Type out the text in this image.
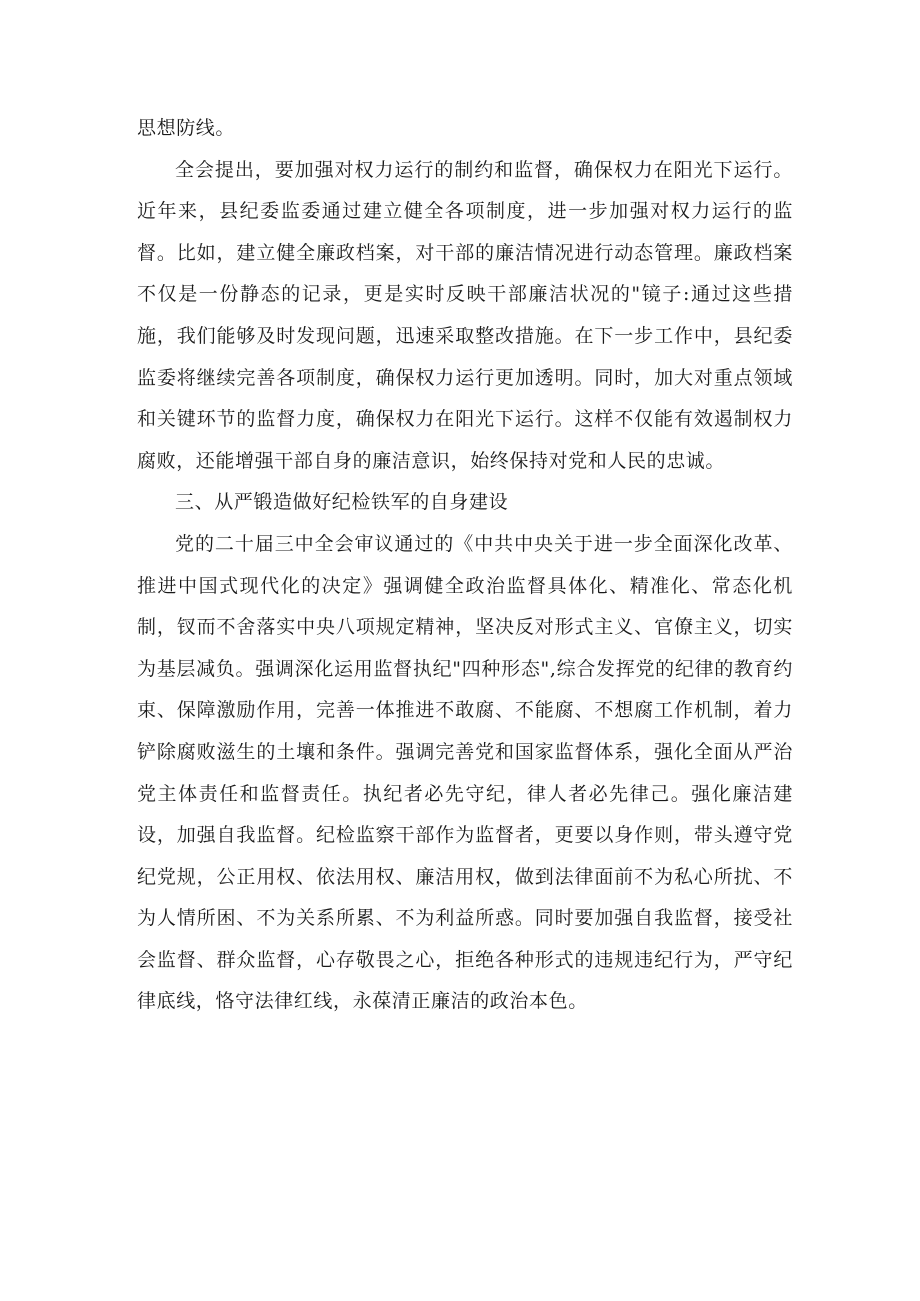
思想防线。

全会提出，要加强对权力运行的制约和监督，确保权力在阳光下运行。近年来，县纪委监委通过建立健全各项制度，进一步加强对权力运行的监督。比如，建立健全廉政档案，对干部的廉洁情况进行动态管理。廉政档案不仅是一份静态的记录，更是实时反映干部廉洁状况的"镜子:通过这些措施，我们能够及时发现问题，迅速采取整改措施。在下一步工作中，县纪委监委将继续完善各项制度，确保权力运行更加透明。同时，加大对重点领域和关键环节的监督力度，确保权力在阳光下运行。这样不仅能有效遏制权力腐败，还能增强干部自身的廉洁意识，始终保持对党和人民的忠诚。

三、从严锻造做好纪检铁军的自身建设

党的二十届三中全会审议通过的《中共中央关于进一步全面深化改革、推进中国式现代化的决定》强调健全政治监督具体化、精准化、常态化机制，钗而不舍落实中央八项规定精神，坚决反对形式主义、官僚主义，切实为基层减负。强调深化运用监督执纪"四种形态",综合发挥党的纪律的教育约束、保障激励作用，完善一体推进不敢腐、不能腐、不想腐工作机制，着力铲除腐败滋生的土壤和条件。强调完善党和国家监督体系，强化全面从严治党主体责任和监督责任。执纪者必先守纪，律人者必先律己。强化廉洁建设，加强自我监督。纪检监察干部作为监督者，更要以身作则，带头遵守党纪党规，公正用权、依法用权、廉洁用权，做到法律面前不为私心所扰、不为人情所困、不为关系所累、不为利益所惑。同时要加强自我监督，接受社会监督、群众监督，心存敬畏之心，拒绝各种形式的违规违纪行为，严守纪律底线，恪守法律红线，永葆清正廉洁的政治本色。
